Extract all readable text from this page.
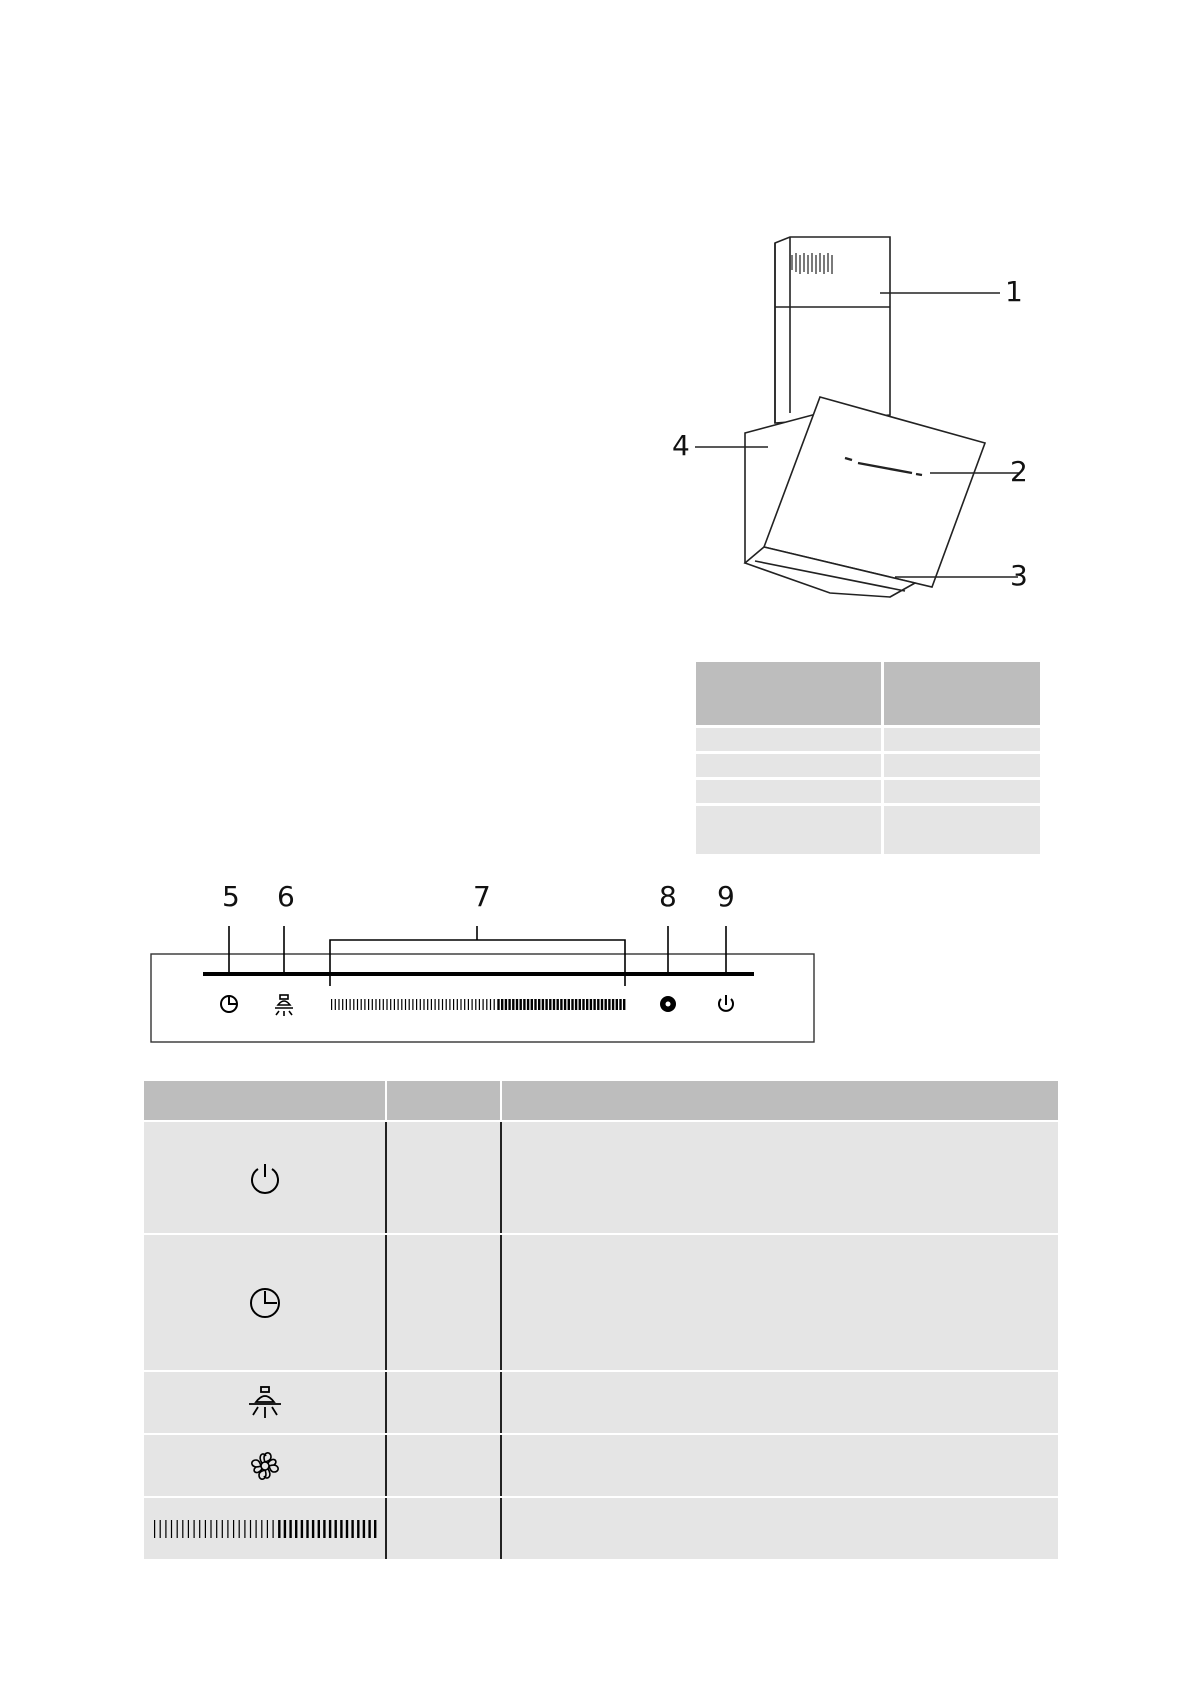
1
2
3
4
5 6	7	8 9
